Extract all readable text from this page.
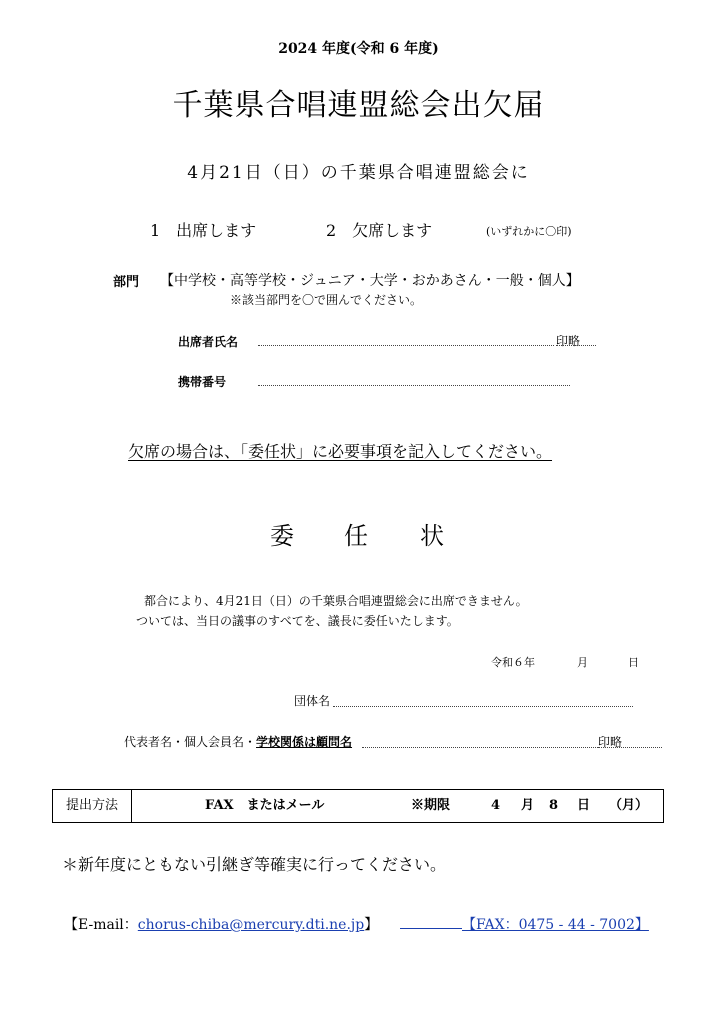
2024 年度(令和 6 年度)
千葉県合唱連盟総会出欠届
4月21日（日）の千葉県合唱連盟総会に
1　出席します	2　欠席します	(いずれかに〇印)
部門 【中学校・高等学校・ジュニア・大学・おかあさん・一般・個人】
※該当部門を〇で囲んでください。
出席者氏名	印略
携帯番号
欠席の場合は、「委任状」に必要事項を記入してください。
委 任 状
都合により、4月21日（日）の千葉県合唱連盟総会に出席できません。
ついては、当日の議事のすべてを、議長に委任いたします。
令和６年	月	日
団体名
代表者名・個人会員名・学校関係は顧問名	印略
提出方法	FAX　またはメール	※期限	4 月 8 日 （月）
＊新年度にともない引継ぎ等確実に行ってください。
【E-mail：chorus-chiba@mercury.dti.ne.jp】	【FAX：0475 - 44 - 7002】
